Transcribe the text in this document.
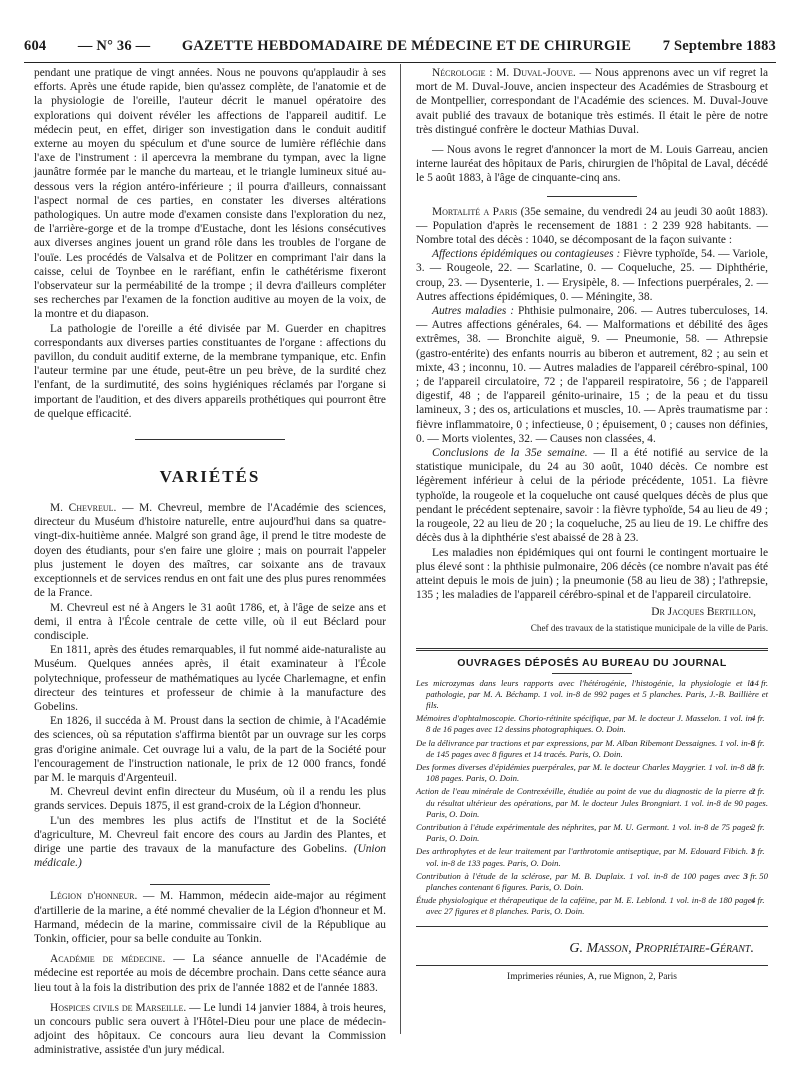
604 — N° 36 — GAZETTE HEBDOMADAIRE DE MÉDECINE ET DE CHIRURGIE 7 Septembre 1883

pendant une pratique de vingt années. Nous ne pouvons qu'applaudir à ses efforts. Après une étude rapide, bien qu'assez complète, de l'anatomie et de la physiologie de l'oreille, l'auteur décrit le manuel opératoire des explorations qui doivent révéler les affections de l'appareil auditif. Le médecin peut, en effet, diriger son investigation dans le conduit auditif externe au moyen du spéculum et d'une source de lumière réfléchie dans l'axe de l'instrument : il apercevra la membrane du tympan, avec la ligne jaunâtre formée par le manche du marteau, et le triangle lumineux situé au-dessous vers la région antéro-inférieure ; il pourra d'ailleurs, connaissant l'aspect normal de ces parties, en constater les diverses altérations pathologiques. Un autre mode d'examen consiste dans l'exploration du nez, de l'arrière-gorge et de la trompe d'Eustache, dont les lésions consécutives aux diverses angines jouent un grand rôle dans les troubles de l'organe de l'ouïe. Les procédés de Valsalva et de Politzer en comprimant l'air dans la caisse, celui de Toynbee en le raréfiant, enfin le cathétérisme fixeront l'observateur sur la perméabilité de la trompe ; il devra d'ailleurs compléter ses recherches par l'examen de la fonction auditive au moyen de la voix, de la montre et du diapason.

La pathologie de l'oreille a été divisée par M. Guerder en chapitres correspondants aux diverses parties constituantes de l'organe : affections du pavillon, du conduit auditif externe, de la membrane tympanique, etc. Enfin l'auteur termine par une étude, peut-être un peu brève, de la surdité chez l'enfant, de la surdimutité, des soins hygiéniques réclamés par l'organe si important de l'audition, et des divers appareils prothétiques qui pourront être de quelque efficacité.

VARIÉTÉS

M. Chevreul. — M. Chevreul, membre de l'Académie des sciences, directeur du Muséum d'histoire naturelle, entre aujourd'hui dans sa quatre-vingt-dix-huitième année. Malgré son grand âge, il prend le titre modeste de doyen des étudiants, pour s'en faire une gloire ; mais on pourrait l'appeler plus justement le doyen des maîtres, car soixante ans de travaux exceptionnels et de services rendus en ont fait une des plus pures renommées de la France.

M. Chevreul est né à Angers le 31 août 1786, et, à l'âge de seize ans et demi, il entra à l'École centrale de cette ville, où il eut Béclard pour condisciple.

En 1811, après des études remarquables, il fut nommé aide-naturaliste au Muséum. Quelques années après, il était examinateur à l'École polytechnique, professeur de mathématiques au lycée Charlemagne, et enfin directeur des teintures et professeur de chimie à la manufacture des Gobelins.

En 1826, il succéda à M. Proust dans la section de chimie, à l'Académie des sciences, où sa réputation s'affirma bientôt par un ouvrage sur les corps gras d'origine animale. Cet ouvrage lui a valu, de la part de la Société pour l'encouragement de l'instruction nationale, le prix de 12 000 francs, fondé par M. le marquis d'Argenteuil.

M. Chevreul devint enfin directeur du Muséum, où il a rendu les plus grands services. Depuis 1875, il est grand-croix de la Légion d'honneur.

L'un des membres les plus actifs de l'Institut et de la Société d'agriculture, M. Chevreul fait encore des cours au Jardin des Plantes, et dirige une partie des travaux de la manufacture des Gobelins. (Union médicale.)

Légion d'honneur. — M. Hammon, médecin aide-major au régiment d'artillerie de la marine, a été nommé chevalier de la Légion d'honneur et M. Harmand, médecin de la marine, commissaire civil de la République au Tonkin, officier, pour sa belle conduite au Tonkin.

Académie de médecine. — La séance annuelle de l'Académie de médecine est reportée au mois de décembre prochain. Dans cette séance aura lieu tout à la fois la distribution des prix de l'année 1882 et de l'année 1883.

Hospices civils de Marseille. — Le lundi 14 janvier 1884, à trois heures, un concours public sera ouvert à l'Hôtel-Dieu pour une place de médecin-adjoint des hôpitaux. Ce concours aura lieu devant la Commission administrative, assistée d'un jury médical.

Nécrologie : M. Duval-Jouve. — Nous apprenons avec un vif regret la mort de M. Duval-Jouve, ancien inspecteur des Académies de Strasbourg et de Montpellier, correspondant de l'Académie des sciences. M. Duval-Jouve avait publié des travaux de botanique très estimés. Il était le père de notre très distingué confrère le docteur Mathias Duval.

— Nous avons le regret d'annoncer la mort de M. Louis Garreau, ancien interne lauréat des hôpitaux de Paris, chirurgien de l'hôpital de Laval, décédé le 5 août 1883, à l'âge de cinquante-cinq ans.

Mortalité a Paris (35e semaine, du vendredi 24 au jeudi 30 août 1883). — Population d'après le recensement de 1881 : 2 239 928 habitants. — Nombre total des décès : 1040, se décomposant de la façon suivante :

Affections épidémiques ou contagieuses : Fièvre typhoïde, 54. — Variole, 3. — Rougeole, 22. — Scarlatine, 0. — Coqueluche, 25. — Diphthérie, croup, 23. — Dysenterie, 1. — Erysipèle, 8. — Infections puerpérales, 2. — Autres affections épidémiques, 0. — Méningite, 38.

Autres maladies : Phthisie pulmonaire, 206. — Autres tuberculoses, 14. — Autres affections générales, 64. — Malformations et débilité des âges extrêmes, 38. — Bronchite aiguë, 9. — Pneumonie, 58. — Athrepsie (gastro-entérite) des enfants nourris au biberon et autrement, 82 ; au sein et mixte, 43 ; inconnu, 10. — Autres maladies de l'appareil cérébro-spinal, 100 ; de l'appareil circulatoire, 72 ; de l'appareil respiratoire, 56 ; de l'appareil digestif, 48 ; de l'appareil génito-urinaire, 15 ; de la peau et du tissu lamineux, 3 ; des os, articulations et muscles, 10. — Après traumatisme par : fièvre inflammatoire, 0 ; infectieuse, 0 ; épuisement, 0 ; causes non définies, 0. — Morts violentes, 32. — Causes non classées, 4.

Conclusions de la 35e semaine. — Il a été notifié au service de la statistique municipale, du 24 au 30 août, 1040 décès. Ce nombre est légèrement inférieur à celui de la période précédente, 1051. La fièvre typhoïde, la rougeole et la coqueluche ont causé quelques décès de plus que pendant le précédent septenaire, savoir : la fièvre typhoïde, 54 au lieu de 49 ; la rougeole, 22 au lieu de 20 ; la coqueluche, 25 au lieu de 19. Le chiffre des décès dus à la diphthérie s'est abaissé de 28 à 23.

Les maladies non épidémiques qui ont fourni le contingent mortuaire le plus élevé sont : la phthisie pulmonaire, 206 décès (ce nombre n'avait pas été atteint depuis le mois de juin) ; la pneumonie (58 au lieu de 38) ; l'athrepsie, 135 ; les maladies de l'appareil cérébro-spinal et de l'appareil circulatoire.

Dr Jacques Bertillon,
Chef des travaux de la statistique municipale de la ville de Paris.
OUVRAGES DÉPOSÉS AU BUREAU DU JOURNAL
14 fr.
Les microzymas dans leurs rapports avec l'hétérogénie, l'histogénie, la physiologie et la pathologie, par M. A. Béchamp. 1 vol. in-8 de 992 pages et 5 planches. Paris, J.-B. Baillière et fils.
4 fr.
Mémoires d'ophtalmoscopie. Chorio-rétinite spécifique, par M. le docteur J. Masselon. 1 vol. in-8 de 16 pages avec 12 dessins photographiques. O. Doin.
6 fr.
De la délivrance par tractions et par expressions, par M. Alban Ribemont Dessaignes. 1 vol. in-8 de 145 pages avec 8 figures et 14 tracés. Paris, O. Doin.
3 fr.
Des formes diverses d'épidémies puerpérales, par M. le docteur Charles Maygrier. 1 vol. in-8 de 108 pages. Paris, O. Doin.
2 fr.
Action de l'eau minérale de Contrexéville, étudiée au point de vue du diagnostic de la pierre et du résultat ultérieur des opérations, par M. le docteur Jules Brongniart. 1 vol. in-8 de 90 pages. Paris, O. Doin.
2 fr.
Contribution à l'étude expérimentale des néphrites, par M. U. Germont. 1 vol. in-8 de 75 pages. Paris, O. Doin.
3 fr.
Des arthrophytes et de leur traitement par l'arthrotomie antiseptique, par M. Edouard Fibich. 1 vol. in-8 de 133 pages. Paris, O. Doin.
3 fr. 50
Contribution à l'étude de la sclérose, par M. B. Duplaix. 1 vol. in-8 de 100 pages avec 3 planches contenant 6 figures. Paris, O. Doin.
4 fr.
Étude physiologique et thérapeutique de la caféine, par M. E. Leblond. 1 vol. in-8 de 180 pages avec 27 figures et 8 planches. Paris, O. Doin.
G. Masson, Propriétaire-Gérant.
Imprimeries réunies, A, rue Mignon, 2, Paris
